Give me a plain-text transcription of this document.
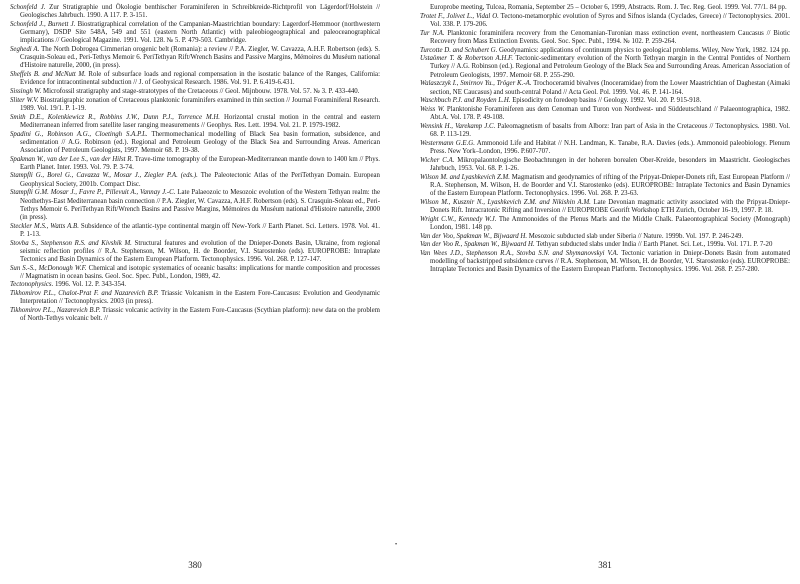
Schonfeld J. Zur Stratigraphie und Ökologie benthischer Foraminiferen in Schreibkreide-Richtprofil von Lägerdorf/Holstein // Geologisches Jahrbuch. 1990. A 117. P. 3-151.
Schonfeld J., Burnett J. Biostratigraphical correlation of the Campanian-Maastrichtian boundary: Lagerdorf-Hemmoor (northwestern Germany), DSDP Site 548A, 549 and 551 (eastern North Atlantic) with paleobiogeographical and paleoceanographical implications // Geological Magazine. 1991. Vol. 128. № 5. P. 479-503. Cambridge.
Seghedi A. The North Dobrogea Cimmerian orogenic belt (Romania): a review // P.A. Ziegler, W. Cavazza, A.H.F. Robertson (eds). S. Crasquin-Soleau ed., Peri-Tethys Memoir 6. PeriTethyan Rift/Wrench Basins and Passive Margins, Mémoires du Muséum national d'Histoire naturelle, 2000, (in press).
Sheffels B. and McNutt M. Role of subsurface loads and regional compensation in the isostatic balance of the Ranges, California: Evidence for intracontinental subduction // J. of Geohysical Research. 1986. Vol. 91. P. 6.419-6.431.
Sissingh W. Microfossil stratigraphy and stage-stratotypes of the Cretaceous // Geol. Mijnbouw. 1978. Vol. 57. № 3. P. 433-440.
Sliter W.V. Biostratigraphic zonation of Cretaceous planktonic foraminifers examined in thin section // Journal Foraminiferal Research. 1989. Vol. 19/1. P. 1-19.
Smith D.E., Kolenkiewicz R., Robbins J.W., Dunn P.J., Torrence M.H. Horizontal crustal motion in the central and eastern Mediterranean inferred from satellite laser ranging measurements // Geophys. Res. Lett. 1994. Vol. 21. P. 1979-1982.
Spadini G., Robinson A.G., Cloetingh S.A.P.L. Thermomechanical modelling of Black Sea basin formation, subsidence, and sedimentation // A.G. Robinson (ed.). Regional and Petroleum Geology of the Black Sea and Surrounding Areas. American Association of Petroleum Geologists, 1997. Memoir 68. P. 19-38.
Spakman W., van der Lee S., van der Hilst R. Trave-time tomography of the European-Mediterranean mantle down to 1400 km // Phys. Earth Planet. Inter. 1993. Vol. 79. P. 3-74.
Stampfli G., Borel G., Cavazza W., Mosar J., Ziegler P.A. (eds.). The Paleotectonic Atlas of the PeriTethyan Domain. European Geophysical Society, 2001b. Compact Disc.
Stampfli G.M. Mosar J., Favre P., Pillevuit A., Vannay J.-C. Late Palaeozoic to Mesozoic evolution of the Western Tethyan realm: the Neothethys-East Mediterranean basin connection // P.A. Ziegler, W. Cavazza, A.H.F. Robertson (eds). S. Crasquin-Soleau ed., Peri-Tethys Memoir 6. PeriTethyan Rift/Wrench Basins and Passive Margins, Mémoires du Muséum national d'Histoire naturelle, 2000 (in press).
Steckler M.S., Watts A.B. Subsidence of the atlantic-type continental margin off New-York // Earth Planet. Sci. Letters. 1978. Vol. 41. P. 1-13.
Stovba S., Stephenson R.S. and Kivshik M. Structural features and evolution of the Dnieper-Donets Basin, Ukraine, from regional seismic reflection profiles // R.A. Stephenson, M. Wilson, H. de Boorder, V.I. Starostenko (eds). EUROPROBE: Intraplate Tectonics and Basin Dynamics of the Eastern European Platform. Tectonophysics. 1996. Vol. 268. P. 127-147.
Sun S.-S., McDonough W.F. Chemical and isotopic systematics of oceanic basalts: implications for mantle composition and processes // Magmatism in ocean basins. Geol. Soc. Spec. Publ., London, 1989, 42.
Tectonophysics. 1996. Vol. 12. P. 343-354.
Tikhomirov P.L., Chalot-Prat F. and Nazarevich B.P. Triassic Volcanism in the Eastern Fore-Caucasus: Evolution and Geodynamic Interpretation // Tectonophysics. 2003 (in press).
Tikhomirov P.L., Nazarevich B.P. Triassic volcanic activity in the Eastern Fore-Caucasus (Scythian platform): new data on the problem of North-Tethys volcanic belt. //
380
Europrobe meeting, Tulcea, Romania, September 25 – October 6, 1999, Abstracts. Rom. J. Tec. Reg. Geol. 1999. Vol. 77/1. 84 pp.
Trotet F., Jolivet L., Vidal O. Tectono-metamorphic evolution of Syros and Sifnos islanda (Cyclades, Greece) // Tectonophysics. 2001. Vol. 338. P. 179-206.
Tur N.A. Planktonic foraminifera recovery from the Cenomanian-Turonian mass extinction event, northeastern Caucasus // Biotic Recovery from Mass Extinction Events. Geol. Soc. Spec. Publ., 1994. № 102. P. 259-264.
Turcotte D. and Schubert G. Geodynamics: applications of continuum physics to geological problems. Wiley, New York, 1982. 124 pp.
Ustaömer T. & Robertson A.H.F. Tectonic-sedimentary evolution of the North Tethyan margin in the Central Pontides of Northern Turkey // A.G. Robinson (ed.). Regional and Petroleum Geology of the Black Sea and Surrounding Areas. American Association of Petroleum Geologists, 1997. Memoir 68. P. 255-290.
Walaszczyk I., Smirnov Yu., Tröger K.-A. Trochoceramid bivalves (Inoceramidae) from the Lower Maastrichtian of Daghestan (Aimaki section, NE Caucasus) and south-central Poland // Acta Geol. Pol. 1999. Vol. 46. P. 141-164.
Waschbuch P.J. and Royden L.H. Episodicity on foredeep basins // Geology. 1992. Vol. 20. P. 915-918.
Weiss W. Planktonishe Foraminiferen aus dem Cenoman und Turon von Nordwest- und Süddeutschland // Palaeontographica, 1982. Abt.A. Vol. 178. P. 49-108.
Wensink H., Varekamp J.C. Paleomagnetism of basalts from Alborz: Iran part of Asia in the Cretaceous // Tectonophysics. 1980. Vol. 68. P. 113-129.
Westermann G.E.G. Ammonoid Life and Habitat // N.H. Landman, K. Tanabe, R.A. Davies (eds.). Ammonoid paleobiology. Plenum Press. New York–London, 1996. P.607-707.
Wicher C.A. Mikropalaontologische Beobachtungen in der hoheren borealen Ober-Kreide, besonders im Maastricht. Geologisches Jahrbuch, 1953. Vol. 68. P. 1-26.
Wilson M. and Lyashkevich Z.M. Magmatism and geodynamics of rifting of the Pripyat-Dnieper-Donets rift, East European Platform // R.A. Stephenson, M. Wilson, H. de Boorder and V.I. Starostenko (eds). EUROPROBE: Intraplate Tectonics and Basin Dynamics of the Eastern European Platform. Tectonophysics. 1996. Vol. 268. P. 23-63.
Wilson M., Kusznir N., Lyashkevich Z.M. and Nikishin A.M. Late Devonian magmatic activity associated with the Pripyat-Dniepr-Donets Rift. Intracratonic Rifting and Inversion // EUROPROBE Georift Workshop ETH Zurich, October 16-19, 1997. P. 18.
Wright C.W., Kennedy W.J. The Ammonoides of the Plenus Marls and the Middle Chalk. Palaeontographical Society (Monograph) London, 1981. 148 pp.
Van der Voo, Spakman W., Bijwaard H. Mesozoic subducted slab under Siberia // Nature. 1999b. Vol. 197. P. 246-249.
Van der Voo R., Spakman W., Bijwaard H. Tethyan subducted slabs under India // Earth Planet. Sci. Let., 1999a. Vol. 171. P. 7-20
Van Wees J.D., Stephenson R.A., Stovba S.N. and Shymanovskyi V.A. Tectonic variation in Dniepr-Donets Basin from automated modelling of backstripped subsidence curves // R.A. Stephenson, M. Wilson, H. de Boorder, V.I. Starostenko (eds). EUROPROBE: Intraplate Tectonics and Basin Dynamics of the Eastern European Platform. Tectonophysics. 1996. Vol. 268. P. 257-280.
381
•
